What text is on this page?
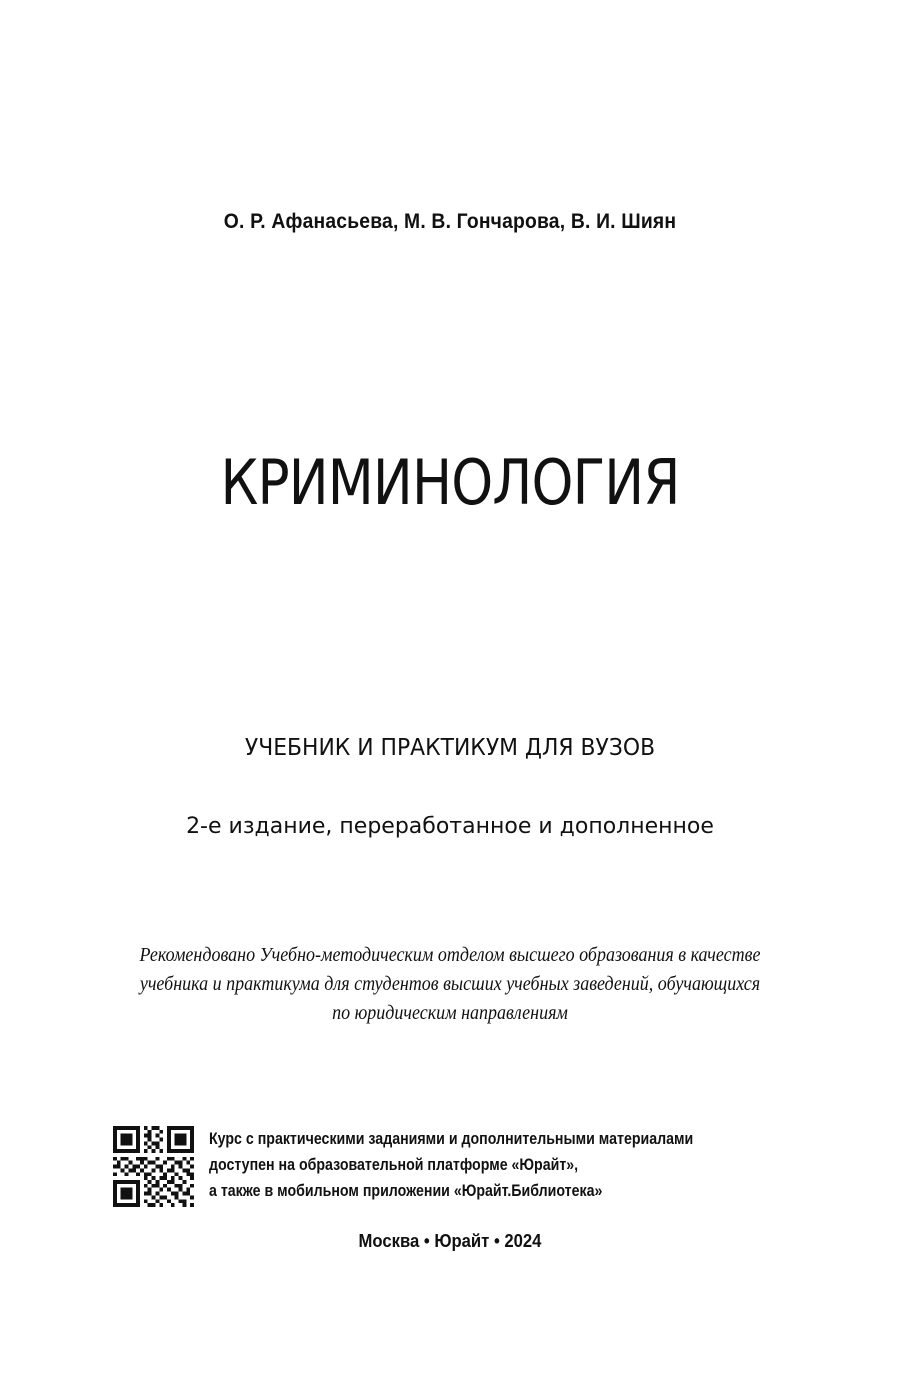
О. Р. Афанасьева, М. В. Гончарова, В. И. Шиян
КРИМИНОЛОГИЯ
УЧЕБНИК И ПРАКТИКУМ ДЛЯ ВУЗОВ
2-е издание, переработанное и дополненное
Рекомендовано Учебно-методическим отделом высшего образования в качестве
учебника и практикума для студентов высших учебных заведений, обучающихся
по юридическим направлениям
Курс с практическими заданиями и дополнительными материалами
доступен на образовательной платформе «Юрайт»,
а также в мобильном приложении «Юрайт.Библиотека»
Москва • Юрайт • 2024
